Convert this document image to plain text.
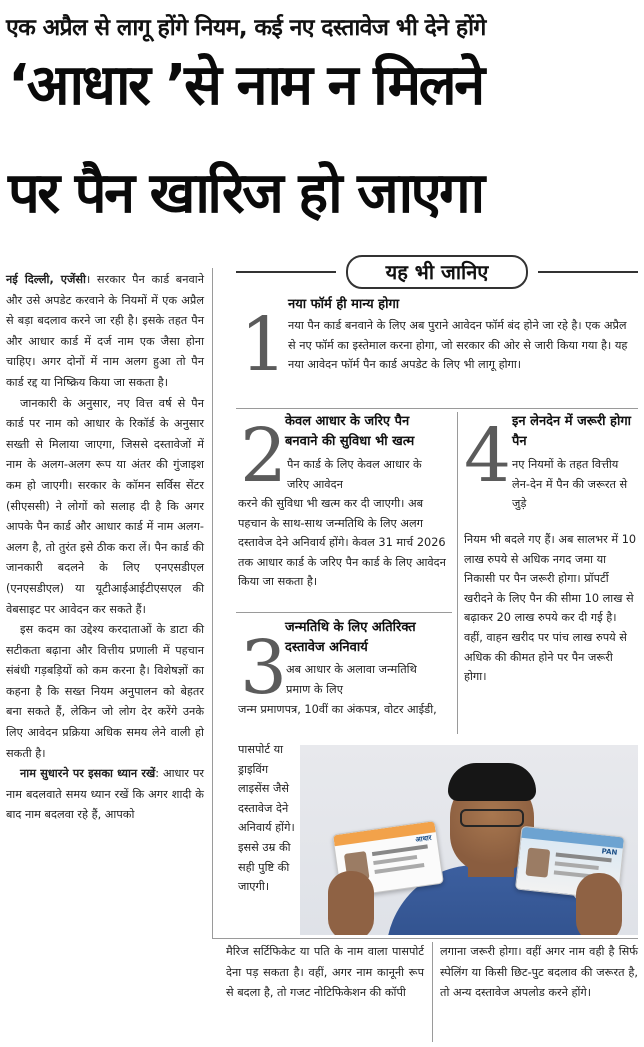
एक अप्रैल से लागू होंगे नियम, कई नए दस्तावेज भी देने होंगे
‘आधार ’से नाम न मिलने
पर पैन खारिज हो जाएगा

नई दिल्ली, एजेंसी। सरकार पैन कार्ड बनवाने और उसे अपडेट करवाने के नियमों में एक अप्रैल से बड़ा बदलाव करने जा रही है। इसके तहत पैन और आधार कार्ड में दर्ज नाम एक जैसा होना चाहिए। अगर दोनों में नाम अलग हुआ तो पैन कार्ड रद्द या निष्क्रिय किया जा सकता है।

जानकारी के अनुसार, नए वित्त वर्ष से पैन कार्ड पर नाम को आधार के रिकॉर्ड के अनुसार सख्ती से मिलाया जाएगा, जिससे दस्तावेजों में नाम के अलग-अलग रूप या अंतर की गुंजाइश कम हो जाएगी। सरकार के कॉमन सर्विस सेंटर (सीएससी) ने लोगों को सलाह दी है कि अगर आपके पैन कार्ड और आधार कार्ड में नाम अलग-अलग है, तो तुरंत इसे ठीक करा लें। पैन कार्ड की जानकारी बदलने के लिए एनएसडीएल (एनएसडीएल) या यूटीआईआईटीएसएल की वेबसाइट पर आवेदन कर सकते हैं।

इस कदम का उद्देश्य करदाताओं के डाटा की सटीकता बढ़ाना और वित्तीय प्रणाली में पहचान संबंधी गड़बड़ियों को कम करना है। विशेषज्ञों का कहना है कि सख्त नियम अनुपालन को बेहतर बना सकते हैं, लेकिन जो लोग देर करेंगे उनके लिए आवेदन प्रक्रिया अधिक समय लेने वाली हो सकती है।

नाम सुधारने पर इसका ध्यान रखें: आधार पर नाम बदलवाते समय ध्यान रखें कि अगर शादी के बाद नाम बदलवा रहे हैं, आपको

यह भी जानिए
1 नया फॉर्म ही मान्य होगा
नया पैन कार्ड बनवाने के लिए अब पुराने आवेदन फॉर्म बंद होने जा रहे है। एक अप्रैल से नए फॉर्म का इस्तेमाल करना होगा, जो सरकार की ओर से जारी किया गया है। यह नया आवेदन फॉर्म पैन कार्ड अपडेट के लिए भी लागू होगा।
2
केवल आधार के जरिए पैन बनवाने की सुविधा भी खत्म
पैन कार्ड के लिए केवल आधार के जरिए आवेदन
करने की सुविधा भी खत्म कर दी जाएगी। अब पहचान के साथ-साथ जन्मतिथि के लिए अलग दस्तावेज देने अनिवार्य होंगे। केवल 31 मार्च 2026 तक आधार कार्ड के जरिए पैन कार्ड के लिए आवेदन किया जा सकता है।
4 इन लेनदेन में जरूरी होगा पैन
नए नियमों के तहत वित्तीय लेन-देन में पैन की जरूरत से जुड़े
नियम भी बदले गए हैं। अब सालभर में 10 लाख रुपये से अधिक नगद जमा या निकासी पर पैन जरूरी होगा। प्रॉपर्टी खरीदने के लिए पैन की सीमा 10 लाख से बढ़ाकर 20 लाख रुपये कर दी गई है। वहीं, वाहन खरीद पर पांच लाख रुपये से अधिक की कीमत होने पर पैन जरूरी होगा।
3
जन्मतिथि के लिए अतिरिक्त दस्तावेज अनिवार्य
अब आधार के अलावा जन्मतिथि प्रमाण के लिए
जन्म प्रमाणपत्र, 10वीं का अंकपत्र, वोटर आईडी,
पासपोर्ट या ड्राइविंग लाइसेंस जैसे दस्तावेज देने अनिवार्य होंगे। इससे उम्र की सही पुष्टि की जाएगी।
आधार
PAN
मैरिज सर्टिफिकेट या पति के नाम वाला पासपोर्ट देना पड़ सकता है। वहीं, अगर नाम कानूनी रूप से बदला है, तो गजट नोटिफिकेशन की कॉपी
लगाना जरूरी होगा। वहीं अगर नाम वही है सिर्फ स्पेलिंग या किसी छिट-पुट बदलाव की जरूरत है, तो अन्य दस्तावेज अपलोड करने होंगे।
